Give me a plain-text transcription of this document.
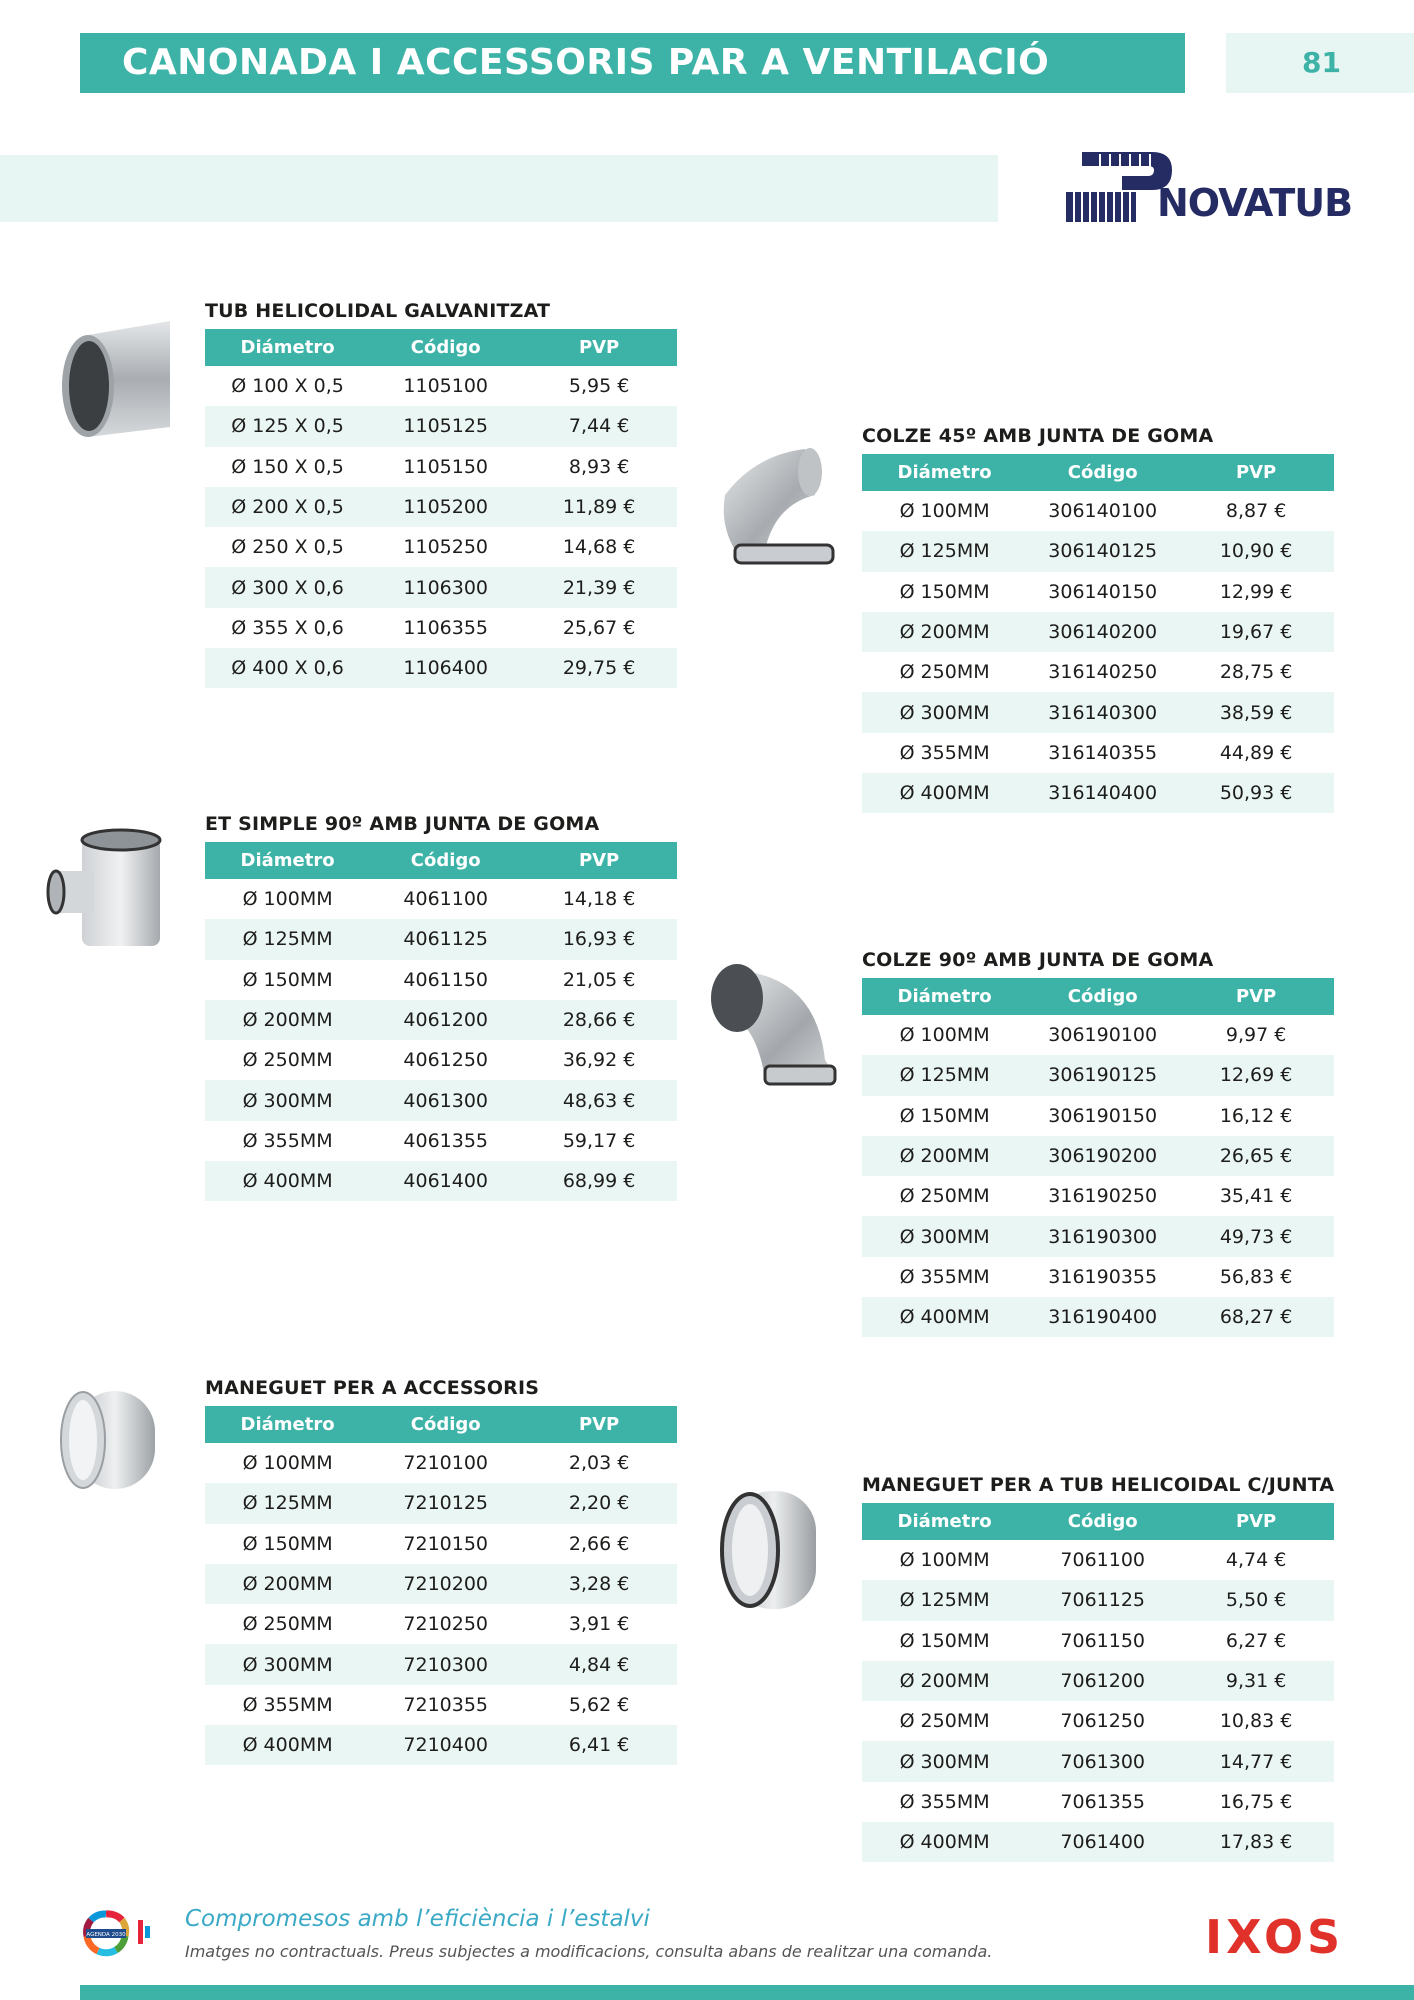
CANONADA I ACCESSORIS PAR A VENTILACIÓ	81
NOVATUB
TUB HELICOLIDAL GALVANITZAT
Diámetro	Código	PVP
Ø 100 X 0,5	1105100	5,95 €
Ø 125 X 0,5	1105125	7,44 €
Ø 150 X 0,5	1105150	8,93 €
Ø 200 X 0,5	1105200	11,89 €
Ø 250 X 0,5	1105250	14,68 €
Ø 300 X 0,6	1106300	21,39 €
Ø 355 X 0,6	1106355	25,67 €
Ø 400 X 0,6	1106400	29,75 €
COLZE 45º AMB JUNTA DE GOMA
Diámetro	Código	PVP
Ø 100MM	306140100	8,87 €
Ø 125MM	306140125	10,90 €
Ø 150MM	306140150	12,99 €
Ø 200MM	306140200	19,67 €
Ø 250MM	316140250	28,75 €
Ø 300MM	316140300	38,59 €
Ø 355MM	316140355	44,89 €
Ø 400MM	316140400	50,93 €
ET SIMPLE 90º AMB JUNTA DE GOMA
Diámetro	Código	PVP
Ø 100MM	4061100	14,18 €
Ø 125MM	4061125	16,93 €
Ø 150MM	4061150	21,05 €
Ø 200MM	4061200	28,66 €
Ø 250MM	4061250	36,92 €
Ø 300MM	4061300	48,63 €
Ø 355MM	4061355	59,17 €
Ø 400MM	4061400	68,99 €
COLZE 90º AMB JUNTA DE GOMA
Diámetro	Código	PVP
Ø 100MM	306190100	9,97 €
Ø 125MM	306190125	12,69 €
Ø 150MM	306190150	16,12 €
Ø 200MM	306190200	26,65 €
Ø 250MM	316190250	35,41 €
Ø 300MM	316190300	49,73 €
Ø 355MM	316190355	56,83 €
Ø 400MM	316190400	68,27 €
MANEGUET PER A ACCESSORIS
Diámetro	Código	PVP
Ø 100MM	7210100	2,03 €
Ø 125MM	7210125	2,20 €
Ø 150MM	7210150	2,66 €
Ø 200MM	7210200	3,28 €
Ø 250MM	7210250	3,91 €
Ø 300MM	7210300	4,84 €
Ø 355MM	7210355	5,62 €
Ø 400MM	7210400	6,41 €
MANEGUET PER A TUB HELICOIDAL C/JUNTA
Diámetro	Código	PVP
Ø 100MM	7061100	4,74 €
Ø 125MM	7061125	5,50 €
Ø 150MM	7061150	6,27 €
Ø 200MM	7061200	9,31 €
Ø 250MM	7061250	10,83 €
Ø 300MM	7061300	14,77 €
Ø 355MM	7061355	16,75 €
Ø 400MM	7061400	17,83 €
AGENDA 2030
Compromesos amb l’eficiència i l’estalvi
Imatges no contractuals. Preus subjectes a modificacions, consulta abans de realitzar una comanda.	IXOS
